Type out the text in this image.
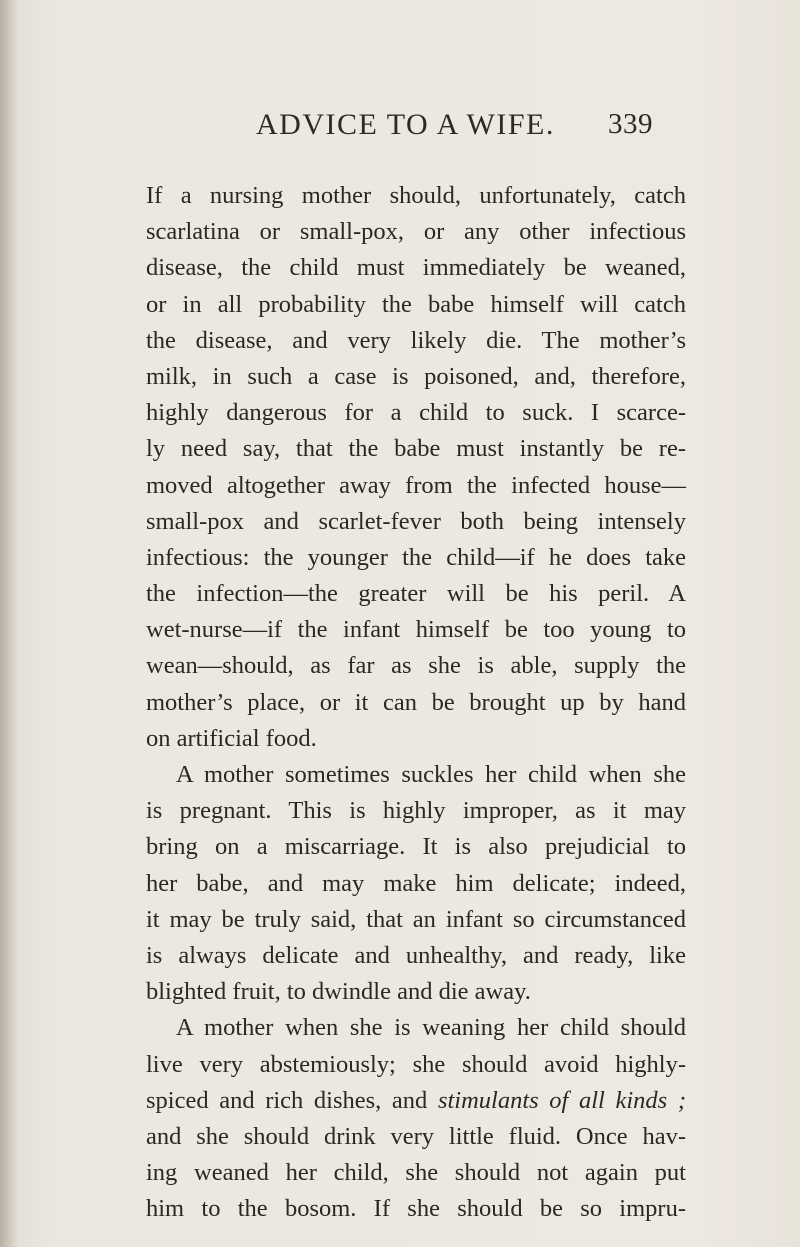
ADVICE TO A WIFE. 339

If a nursing mother should, unfortunately, catch
scarlatina or small-pox, or any other infectious
disease, the child must immediately be weaned,
or in all probability the babe himself will catch
the disease, and very likely die. The mother’s
milk, in such a case is poisoned, and, therefore,
highly dangerous for a child to suck. I scarce-
ly need say, that the babe must instantly be re-
moved altogether away from the infected house—
small-pox and scarlet-fever both being intensely
infectious: the younger the child—if he does take
the infection—the greater will be his peril. A
wet-nurse—if the infant himself be too young to
wean—should, as far as she is able, supply the
mother’s place, or it can be brought up by hand
on artificial food.

A mother sometimes suckles her child when she
is pregnant. This is highly improper, as it may
bring on a miscarriage. It is also prejudicial to
her babe, and may make him delicate; indeed,
it may be truly said, that an infant so circumstanced
is always delicate and unhealthy, and ready, like
blighted fruit, to dwindle and die away.

A mother when she is weaning her child should
live very abstemiously; she should avoid highly-
spiced and rich dishes, and stimulants of all kinds ;
and she should drink very little fluid. Once hav-
ing weaned her child, she should not again put
him to the bosom. If she should be so impru-
